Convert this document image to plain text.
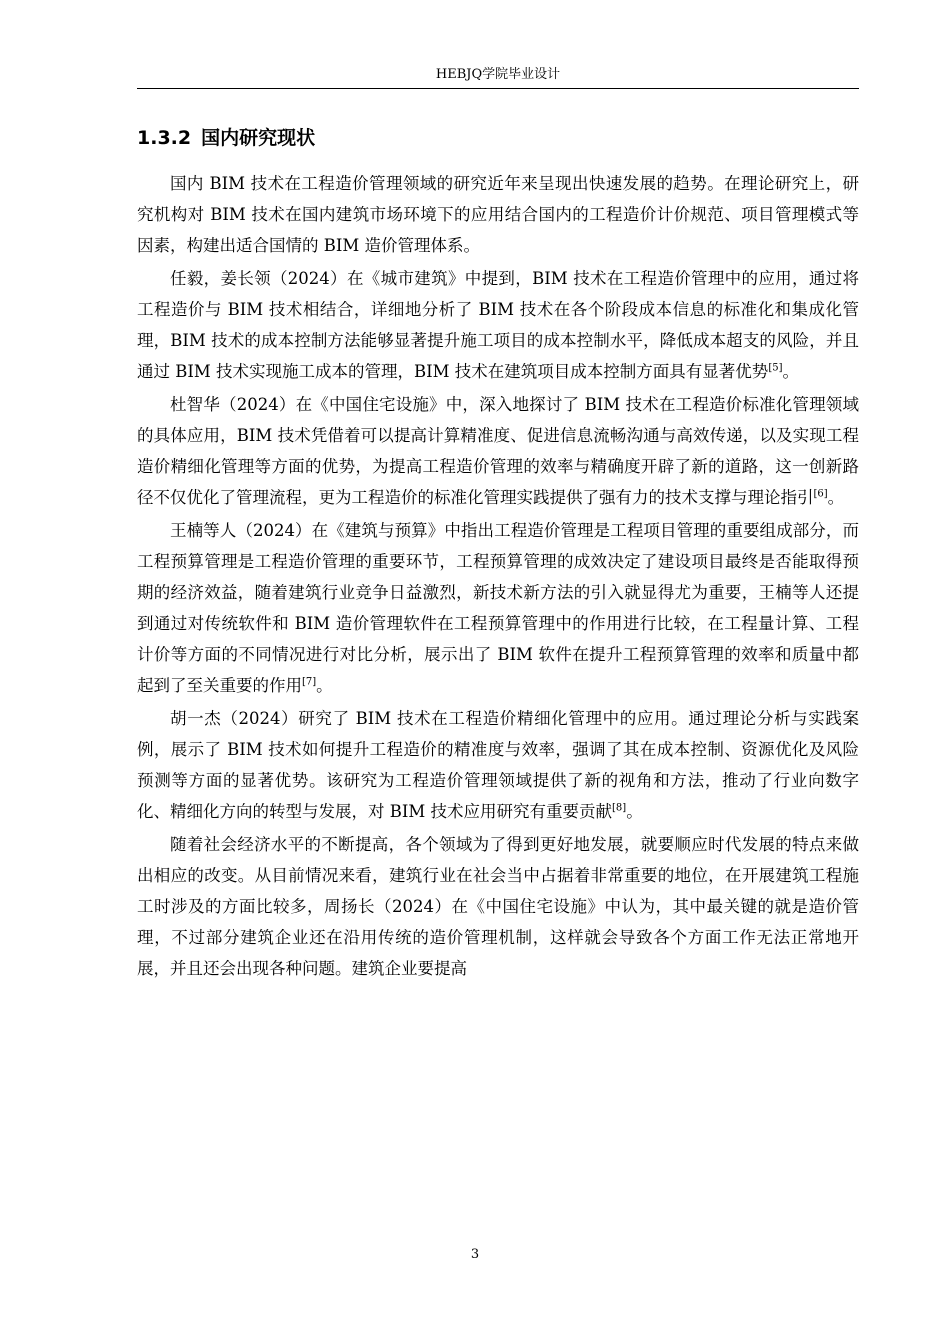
HEBJQ学院毕业设计
1.3.2 国内研究现状

国内 BIM 技术在工程造价管理领域的研究近年来呈现出快速发展的趋势。在理论研究上，研究机构对 BIM 技术在国内建筑市场环境下的应用结合国内的工程造价计价规范、项目管理模式等因素，构建出适合国情的 BIM 造价管理体系。

任毅，姜长领（2024）在《城市建筑》中提到，BIM 技术在工程造价管理中的应用，通过将工程造价与 BIM 技术相结合，详细地分析了 BIM 技术在各个阶段成本信息的标准化和集成化管理，BIM 技术的成本控制方法能够显著提升施工项目的成本控制水平，降低成本超支的风险，并且通过 BIM 技术实现施工成本的管理，BIM 技术在建筑项目成本控制方面具有显著优势[5]。

杜智华（2024）在《中国住宅设施》中，深入地探讨了 BIM 技术在工程造价标准化管理领域的具体应用，BIM 技术凭借着可以提高计算精准度、促进信息流畅沟通与高效传递，以及实现工程造价精细化管理等方面的优势，为提高工程造价管理的效率与精确度开辟了新的道路，这一创新路径不仅优化了管理流程，更为工程造价的标准化管理实践提供了强有力的技术支撑与理论指引[6]。

王楠等人（2024）在《建筑与预算》中指出工程造价管理是工程项目管理的重要组成部分，而工程预算管理是工程造价管理的重要环节，工程预算管理的成效决定了建设项目最终是否能取得预期的经济效益，随着建筑行业竞争日益激烈，新技术新方法的引入就显得尤为重要，王楠等人还提到通过对传统软件和 BIM 造价管理软件在工程预算管理中的作用进行比较，在工程量计算、工程计价等方面的不同情况进行对比分析，展示出了 BIM 软件在提升工程预算管理的效率和质量中都起到了至关重要的作用[7]。

胡一杰（2024）研究了 BIM 技术在工程造价精细化管理中的应用。通过理论分析与实践案例，展示了 BIM 技术如何提升工程造价的精准度与效率，强调了其在成本控制、资源优化及风险预测等方面的显著优势。该研究为工程造价管理领域提供了新的视角和方法，推动了行业向数字化、精细化方向的转型与发展，对 BIM 技术应用研究有重要贡献[8]。

随着社会经济水平的不断提高，各个领域为了得到更好地发展，就要顺应时代发展的特点来做出相应的改变。从目前情况来看，建筑行业在社会当中占据着非常重要的地位，在开展建筑工程施工时涉及的方面比较多，周扬长（2024）在《中国住宅设施》中认为，其中最关键的就是造价管理，不过部分建筑企业还在沿用传统的造价管理机制，这样就会导致各个方面工作无法正常地开展，并且还会出现各种问题。建筑企业要提高

3
